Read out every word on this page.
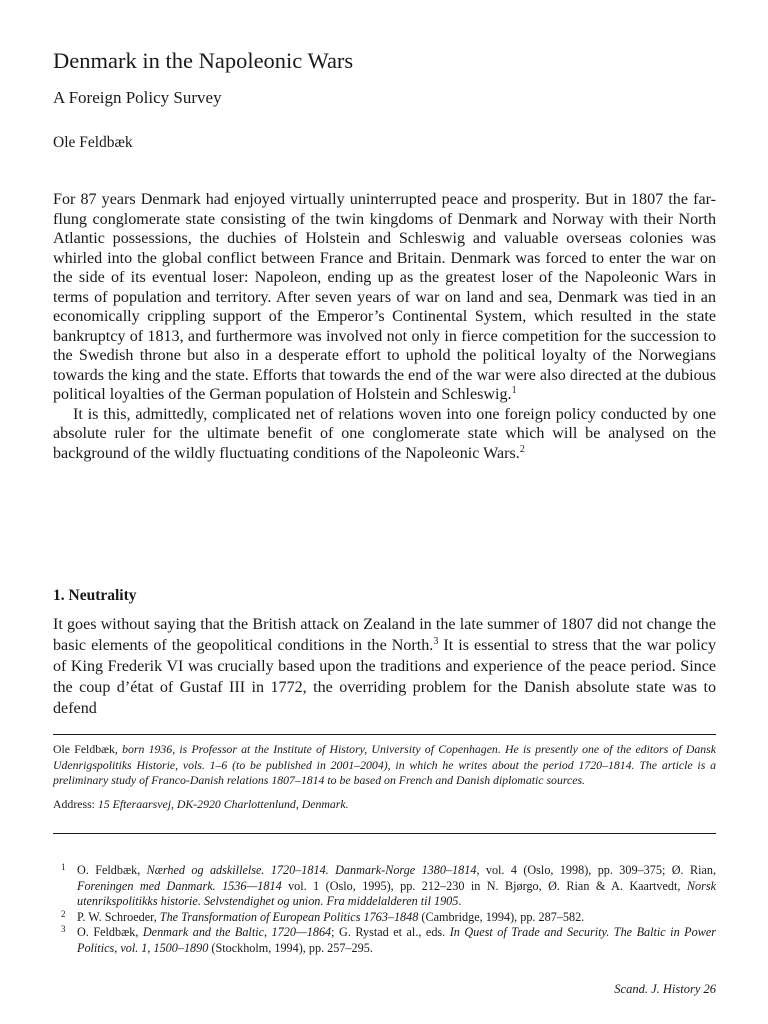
Denmark in the Napoleonic Wars
A Foreign Policy Survey
Ole Feldbæk

For 87 years Denmark had enjoyed virtually uninterrupted peace and prosperity. But in 1807 the far-flung conglomerate state consisting of the twin kingdoms of Denmark and Norway with their North Atlantic possessions, the duchies of Holstein and Schleswig and valuable overseas colonies was whirled into the global conflict between France and Britain. Denmark was forced to enter the war on the side of its eventual loser: Napoleon, ending up as the greatest loser of the Napoleonic Wars in terms of population and territory. After seven years of war on land and sea, Denmark was tied in an economically crippling support of the Emperor’s Continental System, which resulted in the state bankruptcy of 1813, and furthermore was involved not only in fierce competition for the succession to the Swedish throne but also in a desperate effort to uphold the political loyalty of the Norwegians towards the king and the state. Efforts that towards the end of the war were also directed at the dubious political loyalties of the German population of Holstein and Schleswig.$^1$

It is this, admittedly, complicated net of relations woven into one foreign policy conducted by one absolute ruler for the ultimate benefit of one conglomerate state which will be analysed on the background of the wildly fluctuating conditions of the Napoleonic Wars.$^2$

1. Neutrality

It goes without saying that the British attack on Zealand in the late summer of 1807 did not change the basic elements of the geopolitical conditions in the North.$^3$ It is essential to stress that the war policy of King Frederik VI was crucially based upon the traditions and experience of the peace period. Since the coup d’état of Gustaf III in 1772, the overriding problem for the Danish absolute state was to defend

Ole Feldbæk, born 1936, is Professor at the Institute of History, University of Copenhagen. He is presently one of the editors of Dansk Udenrigspolitiks Historie, vols. 1–6 (to be published in 2001–2004), in which he writes about the period 1720–1814. The article is a preliminary study of Franco-Danish relations 1807–1814 to be based on French and Danish diplomatic sources.

Address: 15 Efteraarsvej, DK-2920 Charlottenlund, Denmark.

1 O. Feldbæk, Nærhed og adskillelse. 1720–1814. Danmark-Norge 1380–1814, vol. 4 (Oslo, 1998), pp. 309–375; Ø. Rian, Foreningen med Danmark. 1536—1814 vol. 1 (Oslo, 1995), pp. 212–230 in N. Bjørgo, Ø. Rian & A. Kaartvedt, Norsk utenrikspolitikks historie. Selvstendighet og union. Fra middelalderen til 1905.
2 P. W. Schroeder, The Transformation of European Politics 1763–1848 (Cambridge, 1994), pp. 287–582.
3 O. Feldbæk, Denmark and the Baltic, 1720—1864; G. Rystad et al., eds. In Quest of Trade and Security. The Baltic in Power Politics, vol. 1, 1500–1890 (Stockholm, 1994), pp. 257–295.
Scand. J. History 26
